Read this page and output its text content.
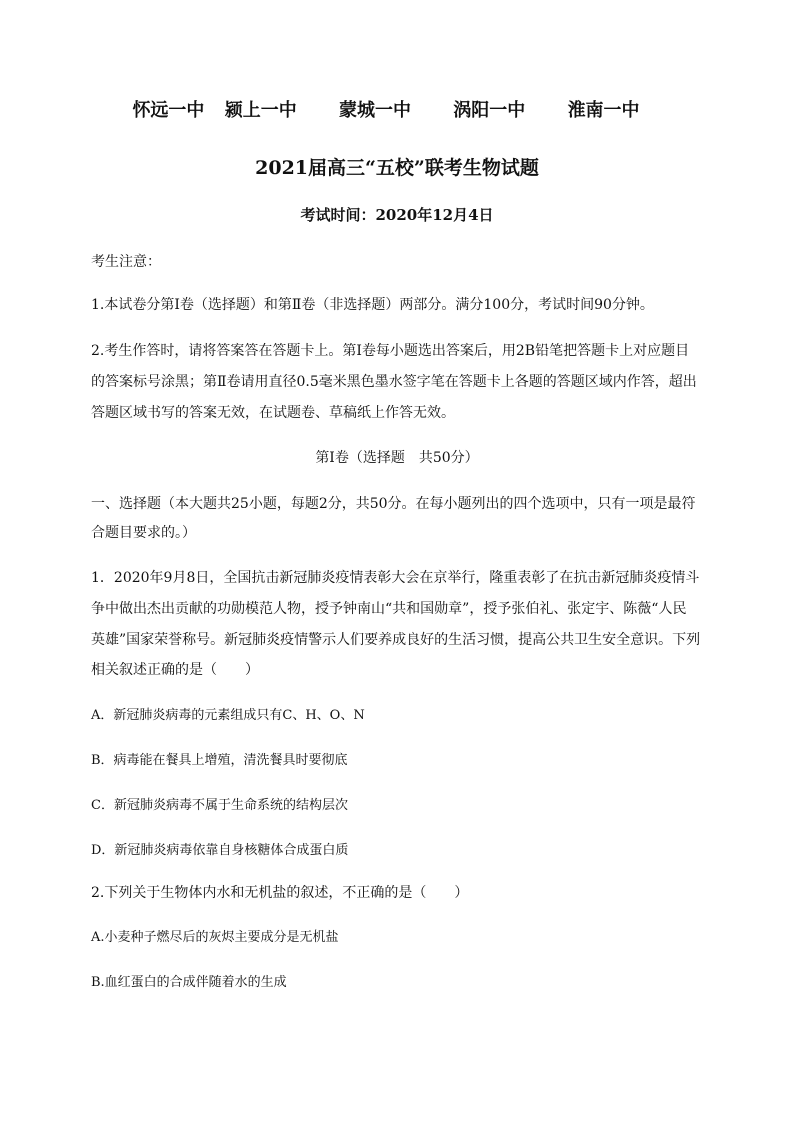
怀远一中 颍上一中 蒙城一中 涡阳一中 淮南一中
2021届高三“五校”联考生物试题
考试时间：2020年12月4日
考生注意：
1.本试卷分第Ⅰ卷（选择题）和第Ⅱ卷（非选择题）两部分。满分100分，考试时间90分钟。
2.考生作答时，请将答案答在答题卡上。第Ⅰ卷每小题选出答案后，用2B铅笔把答题卡上对应题目
的答案标号涂黑；第Ⅱ卷请用直径0.5毫米黑色墨水签字笔在答题卡上各题的答题区域内作答，超出
答题区域书写的答案无效，在试题卷、草稿纸上作答无效。
第Ⅰ卷（选择题　共50分）
一、选择题（本大题共25小题，每题2分，共50分。在每小题列出的四个选项中，只有一项是最符
合题目要求的。）
1．2020年9月8日，全国抗击新冠肺炎疫情表彰大会在京举行，隆重表彰了在抗击新冠肺炎疫情斗
争中做出杰出贡献的功勋模范人物，授予钟南山“共和国勋章”，授予张伯礼、张定宇、陈薇“人民
英雄”国家荣誉称号。新冠肺炎疫情警示人们要养成良好的生活习惯，提高公共卫生安全意识。下列
相关叙述正确的是（　　）
A．新冠肺炎病毒的元素组成只有C、H、O、N
B．病毒能在餐具上增殖，清洗餐具时要彻底
C．新冠肺炎病毒不属于生命系统的结构层次
D．新冠肺炎病毒依靠自身核糖体合成蛋白质
2.下列关于生物体内水和无机盐的叙述，不正确的是（　　）
A.小麦种子燃尽后的灰烬主要成分是无机盐
B.血红蛋白的合成伴随着水的生成
